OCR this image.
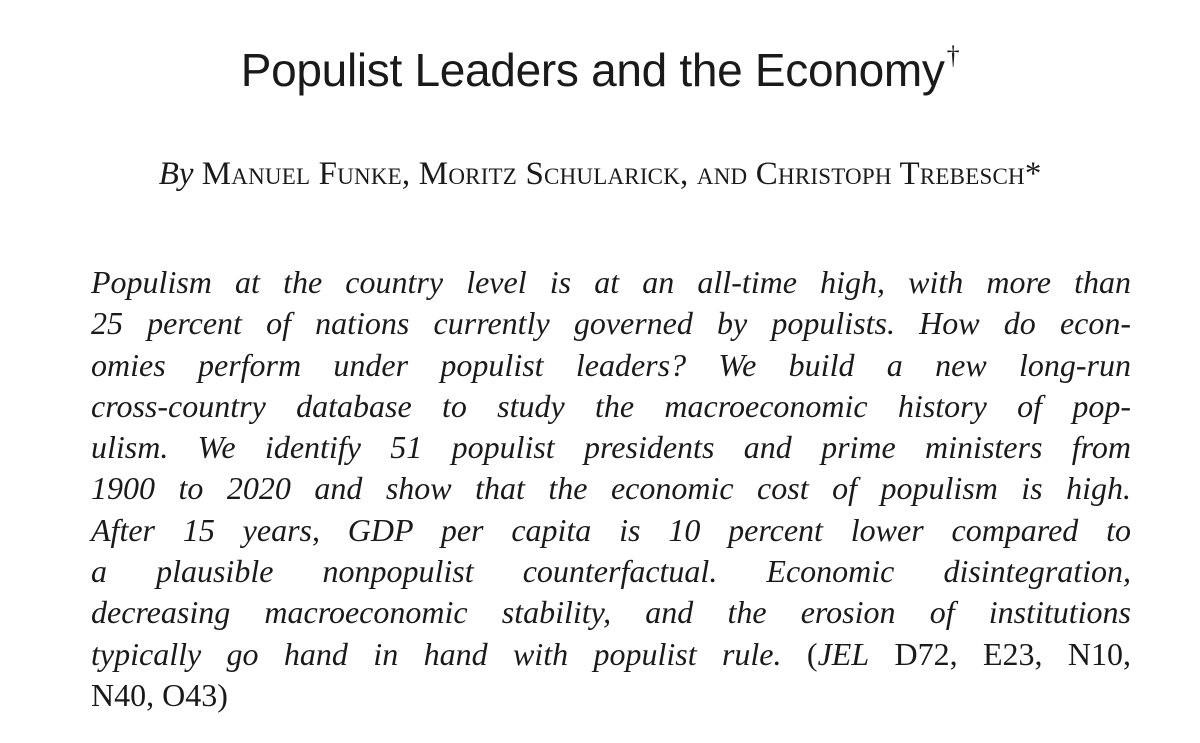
Populist Leaders and the Economy†
By Manuel Funke, Moritz Schularick, and Christoph Trebesch*
Populism at the country level is at an all-time high, with more than
25 percent of nations currently governed by populists. How do econ-
omies perform under populist leaders? We build a new long-run
cross-country database to study the macroeconomic history of pop-
ulism. We identify 51 populist presidents and prime ministers from
1900 to 2020 and show that the economic cost of populism is high.
After 15 years, GDP per capita is 10 percent lower compared to
a plausible nonpopulist counterfactual. Economic disintegration,
decreasing macroeconomic stability, and the erosion of institutions
typically go hand in hand with populist rule. (JEL D72, E23, N10,
N40, O43)
